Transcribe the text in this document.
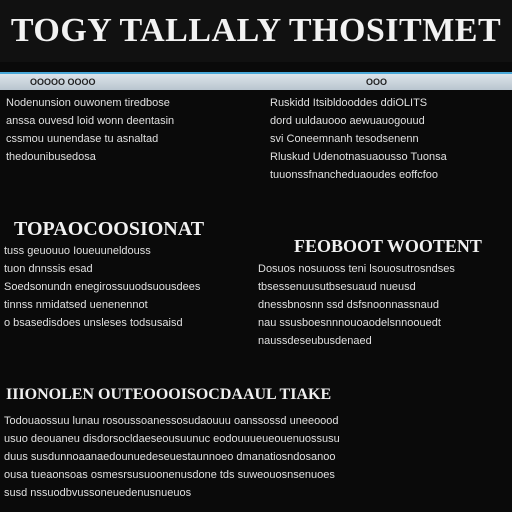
TOGY TALLALY THOSITMET
OOOOO OOOO	OOO

Nodenunsion ouwonem tiredbose

anssa ouvesd loid wonn deentasin

cssmou uunendase tu asnaltad

thedounibusedosa

Ruskidd Itsibldooddes ddiOLITS

dord uuldauooo aewuauogouud

svi Coneemnanh tesodsenenn

Rluskud Udenotnasuaousso Tuonsa

tuuonssfnancheduaoudes eoffcfoo

TOPAOCOOSIONAT

tuss geuouuo Ioueuuneldouss

tuon dnnssis esad

Soedsonundn enegirossuuodsuousdees

tinnss nmidatsed uenenennot

o bsasedisdoes unsleses todsusaisd

FEOBOOT WOOTENT

Dosuos nosuuoss teni lsouosutrosndses

tbsessenuusutbsesuaud nueusd

dnessbnosnn ssd dsfsnoonnassnaud

nau ssusboesnnnouoaodelsnnoouedt

naussdeseubusdenaed

IIIONOLEN OUTEOOOISOCDAAUL TIAKE

Todouaossuu lunau rosoussoanessosudaouuu oanssossd uneeoood

usuo deouaneu disdorsocldaeseousuunuc eodouuueueouenuossusu

duus susdunnoaanaedounuedeseuestaunnoeo dmanatiosndosanoo

ousa tueaonsoas osmesrsusuoonenusdone tds suweouosnsenuoes

susd nssuodbvussoneuedenusnueuos
